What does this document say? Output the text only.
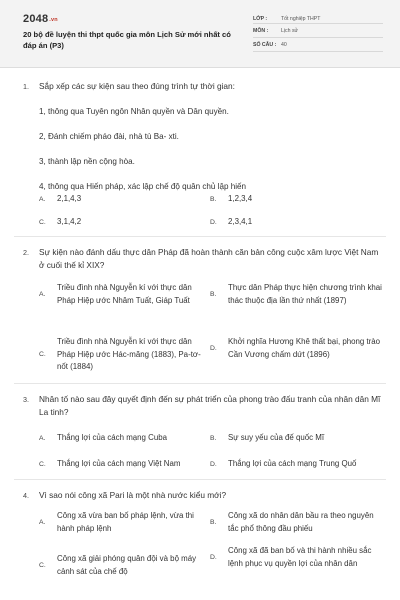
2048.vn
20 bộ đề luyện thi thpt quốc gia môn Lịch Sử mới nhất có đáp án (P3)
LỚP :	Tốt nghiệp THPT
MÔN :	Lịch sử
SỐ CÂU : 40
1. Sắp xếp các sự kiện sau theo đúng trình tự thời gian:
1, thông qua Tuyên ngôn Nhân quyền và Dân quyền.
2, Đánh chiếm pháo đài, nhà tù Ba- xti.
3, thành lập nền cộng hòa.
4, thông qua Hiến pháp, xác lập chế độ quân chủ lập hiến
A.	2,1,4,3	B.	1,2,3,4
C.	3,1,4,2	D.	2,3,4,1
2. Sự kiện nào đánh dấu thực dân Pháp đã hoàn thành căn bản công cuộc xâm lược Việt Nam ở cuối thế kỉ XIX?
A.
Triều đình nhà Nguyễn kí với thực dân Pháp Hiệp ước Nhâm Tuất, Giáp Tuất
B.
Thực dân Pháp thực hiện chương trình khai thác thuộc địa lần thứ nhất (1897)
C.
Triều đình nhà Nguyễn kí với thực dân Pháp Hiệp ước Hác-măng (1883), Pa-tơ-nốt (1884)
D.
Khởi nghĩa Hương Khê thất bại, phong trào Cần Vương chấm dứt (1896)
3. Nhân tố nào sau đây quyết định đến sự phát triển của phong trào đấu tranh của nhân dân Mĩ La tinh?
A.	Thắng lợi của cách mạng Cuba	B.	Sự suy yếu của đế quốc Mĩ
C.	Thắng lợi của cách mạng Việt Nam	D.	Thắng lợi của cách mạng Trung Quố
4. Vì sao nói công xã Pari là một nhà nước kiểu mới?
A.
Công xã vừa ban bố pháp lệnh, vừa thi hành pháp lệnh
B.
Công xã do nhân dân bầu ra theo nguyên tắc phổ thông đầu phiếu
C.
Công xã giải phóng quân đội và bộ máy cảnh sát của chế độ
D.
Công xã đã ban bố và thi hành nhiều sắc lệnh phục vụ quyền lợi của nhân dân
